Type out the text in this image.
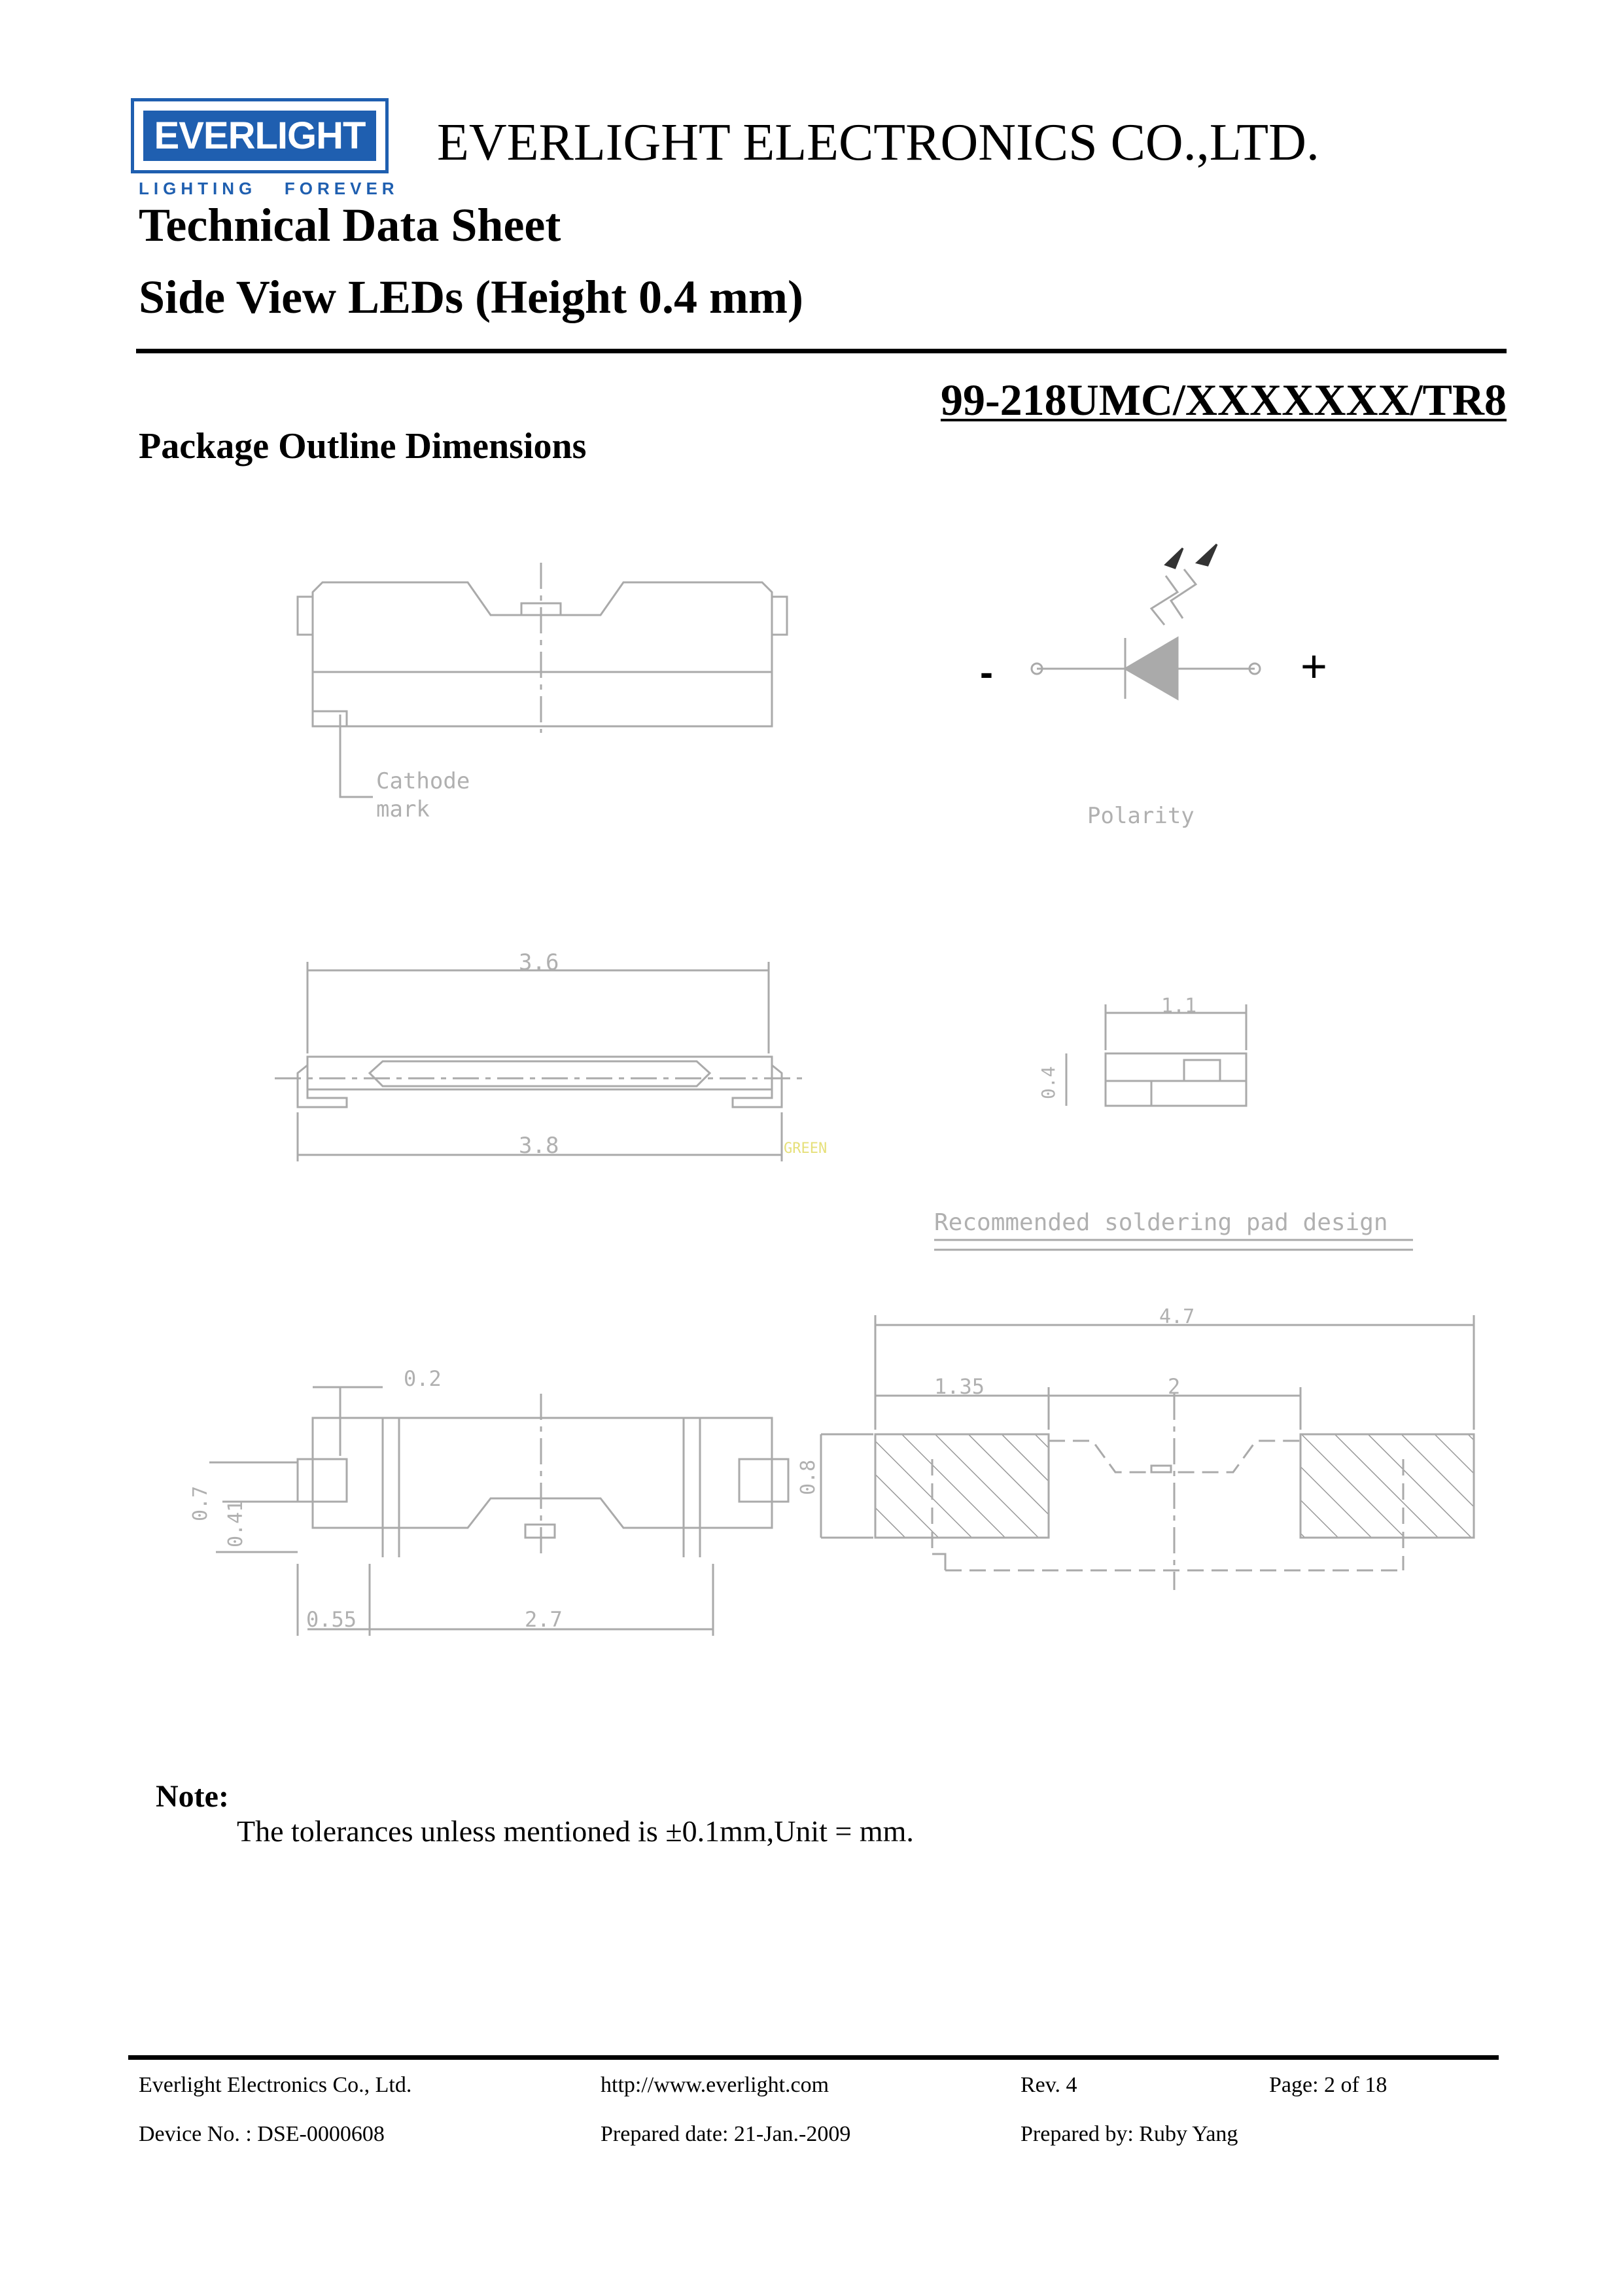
EVERLIGHT
LIGHTING   FOREVER
EVERLIGHT ELECTRONICS CO.,LTD.
Technical Data Sheet
Side View LEDs (Height 0.4 mm)
99-218UMC/XXXXXXX/TR8
Package Outline Dimensions
Cathode
mark	Polarity
3.6
3.8
1.1
0.4
GREEN
Recommended soldering pad design
0.2
0.7 0.41
0.55	2.7
4.7
1.35	2
0.8
-	+
Note:
The tolerances unless mentioned is ±0.1mm,Unit = mm.
Everlight Electronics Co., Ltd.	http://www.everlight.com	Rev. 4	Page: 2 of 18
Device No. : DSE-0000608	Prepared date: 21-Jan.-2009	Prepared by: Ruby Yang
